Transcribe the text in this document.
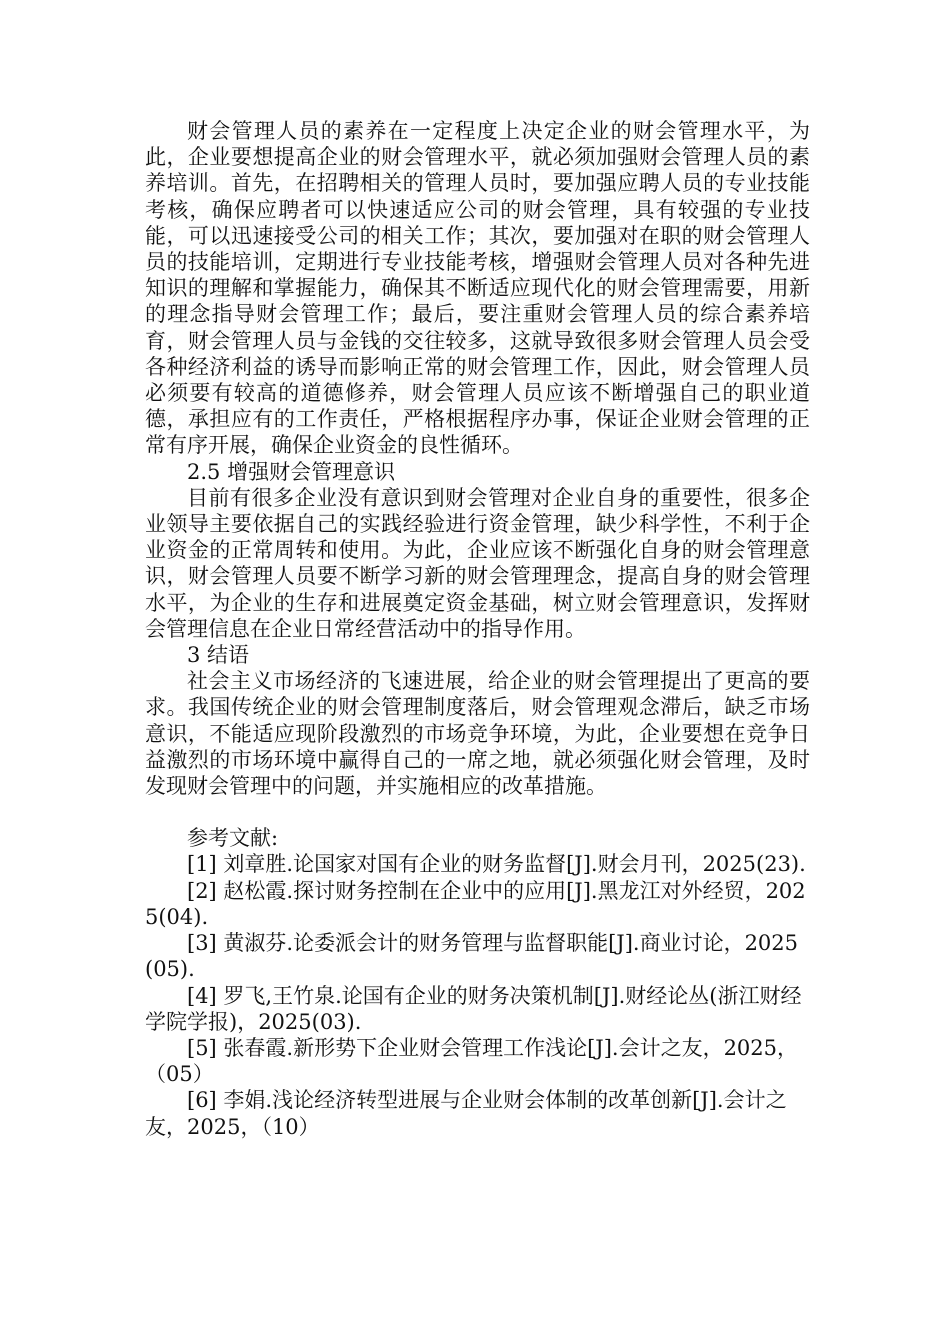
财会管理人员的素养在一定程度上决定企业的财会管理水平，为此，企业要想提高企业的财会管理水平，就必须加强财会管理人员的素养培训。首先，在招聘相关的管理人员时，要加强应聘人员的专业技能考核，确保应聘者可以快速适应公司的财会管理，具有较强的专业技能，可以迅速接受公司的相关工作；其次，要加强对在职的财会管理人员的技能培训，定期进行专业技能考核，增强财会管理人员对各种先进知识的理解和掌握能力，确保其不断适应现代化的财会管理需要，用新的理念指导财会管理工作；最后，要注重财会管理人员的综合素养培育，财会管理人员与金钱的交往较多，这就导致很多财会管理人员会受各种经济利益的诱导而影响正常的财会管理工作，因此，财会管理人员必须要有较高的道德修养，财会管理人员应该不断增强自己的职业道德，承担应有的工作责任，严格根据程序办事，保证企业财会管理的正常有序开展，确保企业资金的良性循环。

2.5 增强财会管理意识

目前有很多企业没有意识到财会管理对企业自身的重要性，很多企业领导主要依据自己的实践经验进行资金管理，缺少科学性，不利于企业资金的正常周转和使用。为此，企业应该不断强化自身的财会管理意识，财会管理人员要不断学习新的财会管理理念，提高自身的财会管理水平，为企业的生存和进展奠定资金基础，树立财会管理意识，发挥财会管理信息在企业日常经营活动中的指导作用。

3 结语

社会主义市场经济的飞速进展，给企业的财会管理提出了更高的要求。我国传统企业的财会管理制度落后，财会管理观念滞后，缺乏市场意识，不能适应现阶段激烈的市场竞争环境，为此，企业要想在竞争日益激烈的市场环境中赢得自己的一席之地，就必须强化财会管理，及时发现财会管理中的问题，并实施相应的改革措施。

参考文献:

[1] 刘章胜.论国家对国有企业的财务监督[J].财会月刊，2025(23).

[2] 赵松霞.探讨财务控制在企业中的应用[J].黑龙江对外经贸，2025(04).

[3] 黄淑芬.论委派会计的财务管理与监督职能[J].商业讨论，2025(05).

[4] 罗飞,王竹泉.论国有企业的财务决策机制[J].财经论丛(浙江财经学院学报)，2025(03).

[5] 张春霞.新形势下企业财会管理工作浅论[J].会计之友，2025，（05）

[6] 李娟.浅论经济转型进展与企业财会体制的改革创新[J].会计之友，2025，（10）
